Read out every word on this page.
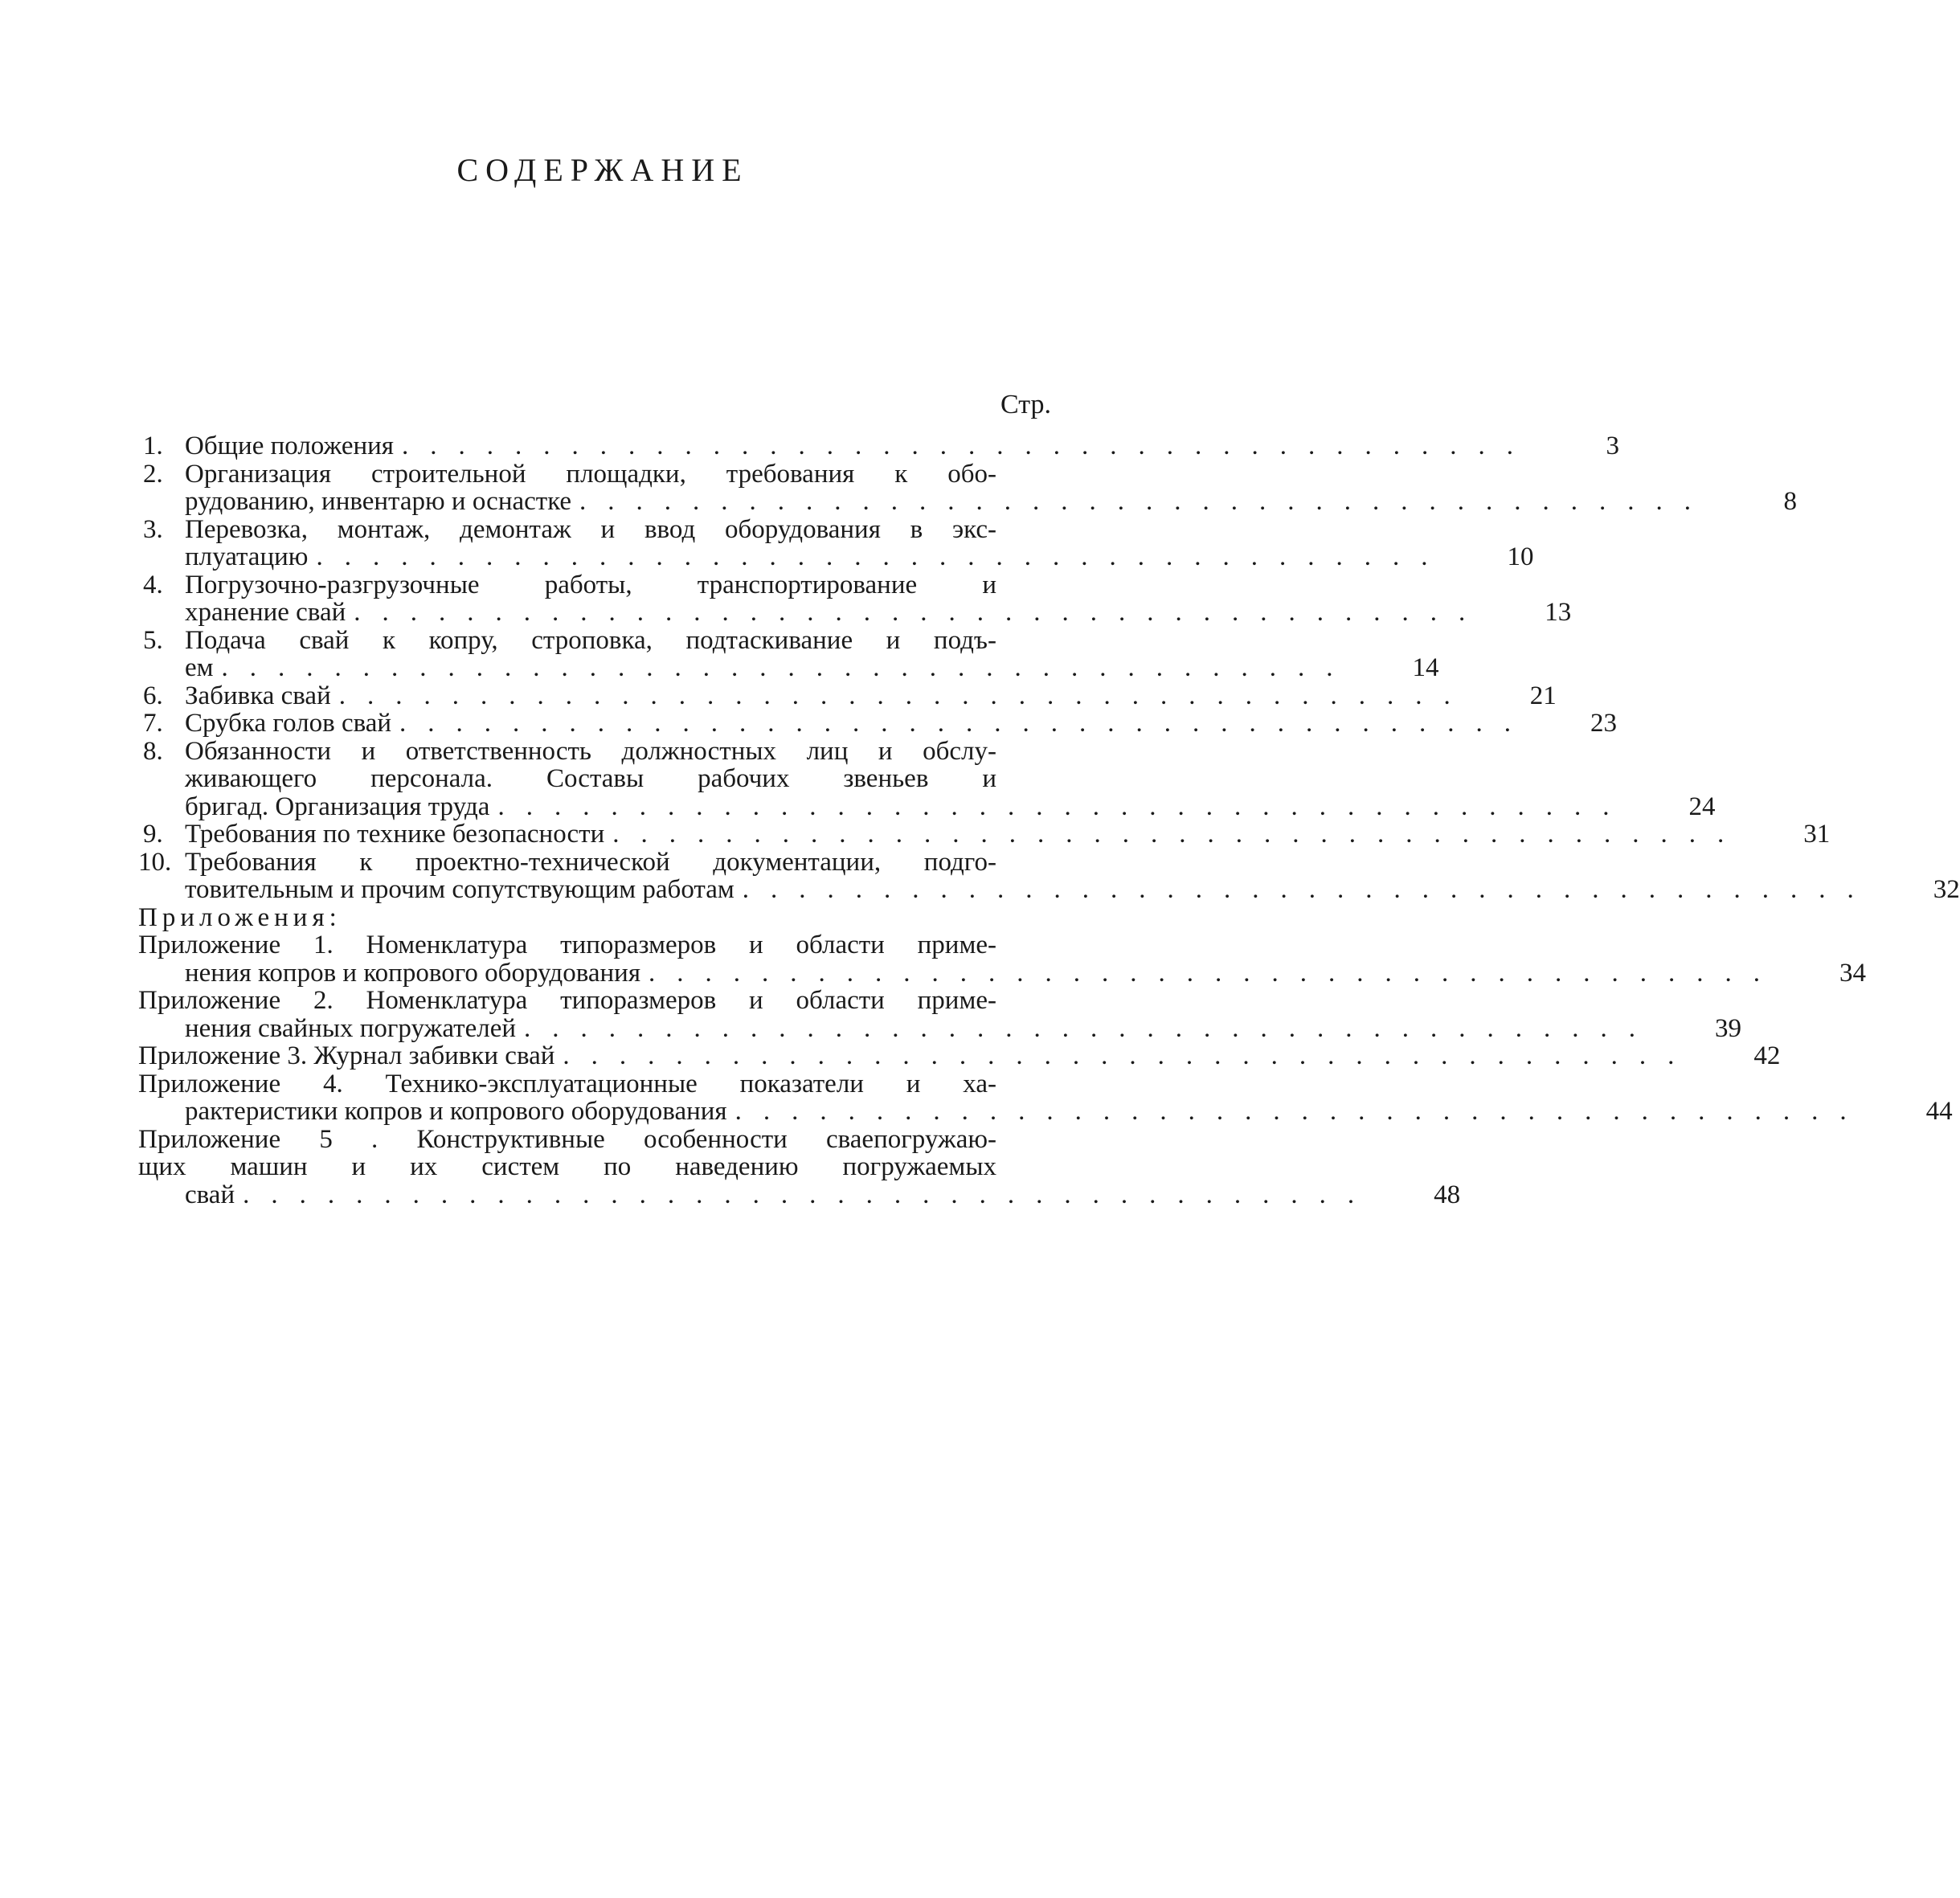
СОДЕРЖАНИЕ
Стр.
1. Общие положения ........................................	3
2. Организация строительной площадки, требования к обо-
рудованию, инвентарю и оснастке ........................................	8
3. Перевозка, монтаж, демонтаж и ввод оборудования в экс-
плуатацию ........................................	10
4. Погрузочно-разгрузочные работы, транспортирование и
хранение свай ........................................	13
5. Подача свай к копру, строповка, подтаскивание и подъ-
ем ........................................	14
6. Забивка свай ........................................	21
7. Срубка голов свай ........................................	23
8. Обязанности и ответственность должностных лиц и обслу-
живающего персонала. Составы рабочих звеньев и
бригад. Организация труда ........................................	24
9. Требования по технике безопасности ........................................	31
10. Требования к проектно-технической документации, подго-
товительным и прочим сопутствующим работам ........................................	32
Приложения:
Приложение 1. Номенклатура типоразмеров и области приме-
нения копров и копрового оборудования ........................................	34
Приложение 2. Номенклатура типоразмеров и области приме-
нения свайных погружателей ........................................	39
Приложение 3. Журнал забивки свай ........................................	42
Приложение 4. Технико-эксплуатационные показатели и ха-
рактеристики копров и копрового оборудования ........................................	44
Приложение 5 . Конструктивные особенности сваепогружаю-
щих машин и их систем по наведению погружаемых
свай ........................................	48
